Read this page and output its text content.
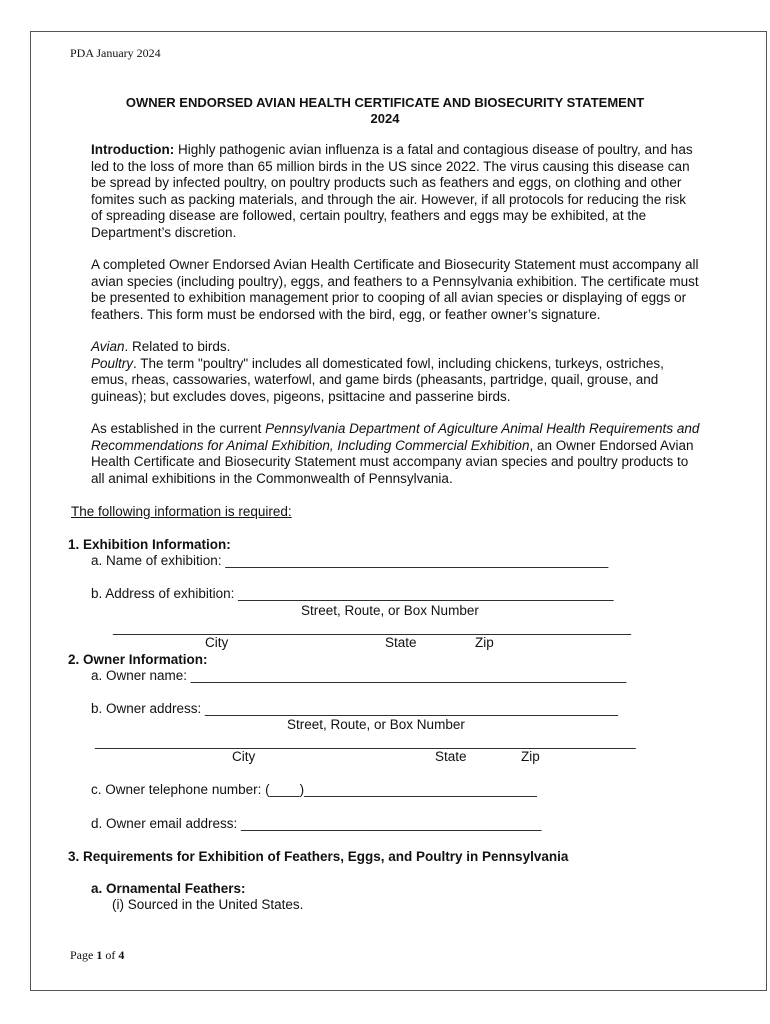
PDA January 2024
OWNER ENDORSED AVIAN HEALTH CERTIFICATE AND BIOSECURITY STATEMENT
2024
Introduction: Highly pathogenic avian influenza is a fatal and contagious disease of poultry, and has led to the loss of more than 65 million birds in the US since 2022. The virus causing this disease can be spread by infected poultry, on poultry products such as feathers and eggs, on clothing and other fomites such as packing materials, and through the air. However, if all protocols for reducing the risk of spreading disease are followed, certain poultry, feathers and eggs may be exhibited, at the Department’s discretion.
A completed Owner Endorsed Avian Health Certificate and Biosecurity Statement must accompany all avian species (including poultry), eggs, and feathers to a Pennsylvania exhibition. The certificate must be presented to exhibition management prior to cooping of all avian species or displaying of eggs or feathers. This form must be endorsed with the bird, egg, or feather owner’s signature.
Avian. Related to birds.
Poultry. The term "poultry" includes all domesticated fowl, including chickens, turkeys, ostriches, emus, rheas, cassowaries, waterfowl, and game birds (pheasants, partridge, quail, grouse, and guineas); but excludes doves, pigeons, psittacine and passerine birds.
As established in the current Pennsylvania Department of Agiculture Animal Health Requirements and Recommendations for Animal Exhibition, Including Commercial Exhibition, an Owner Endorsed Avian Health Certificate and Biosecurity Statement must accompany avian species and poultry products to all animal exhibitions in the Commonwealth of Pennsylvania.
The following information is required:
1. Exhibition Information:
a. Name of exhibition: ___________________________________________________
b. Address of exhibition: __________________________________________________
Street, Route, or Box Number
_____________________________________________________________________
City	State	Zip
2. Owner Information:
a. Owner name: __________________________________________________________
b. Owner address: _______________________________________________________
Street, Route, or Box Number
________________________________________________________________________
City	State	Zip
c. Owner telephone number: (____)_______________________________
d. Owner email address: ________________________________________
3. Requirements for Exhibition of Feathers, Eggs, and Poultry in Pennsylvania
a. Ornamental Feathers:
(i) Sourced in the United States.
Page 1 of 4
